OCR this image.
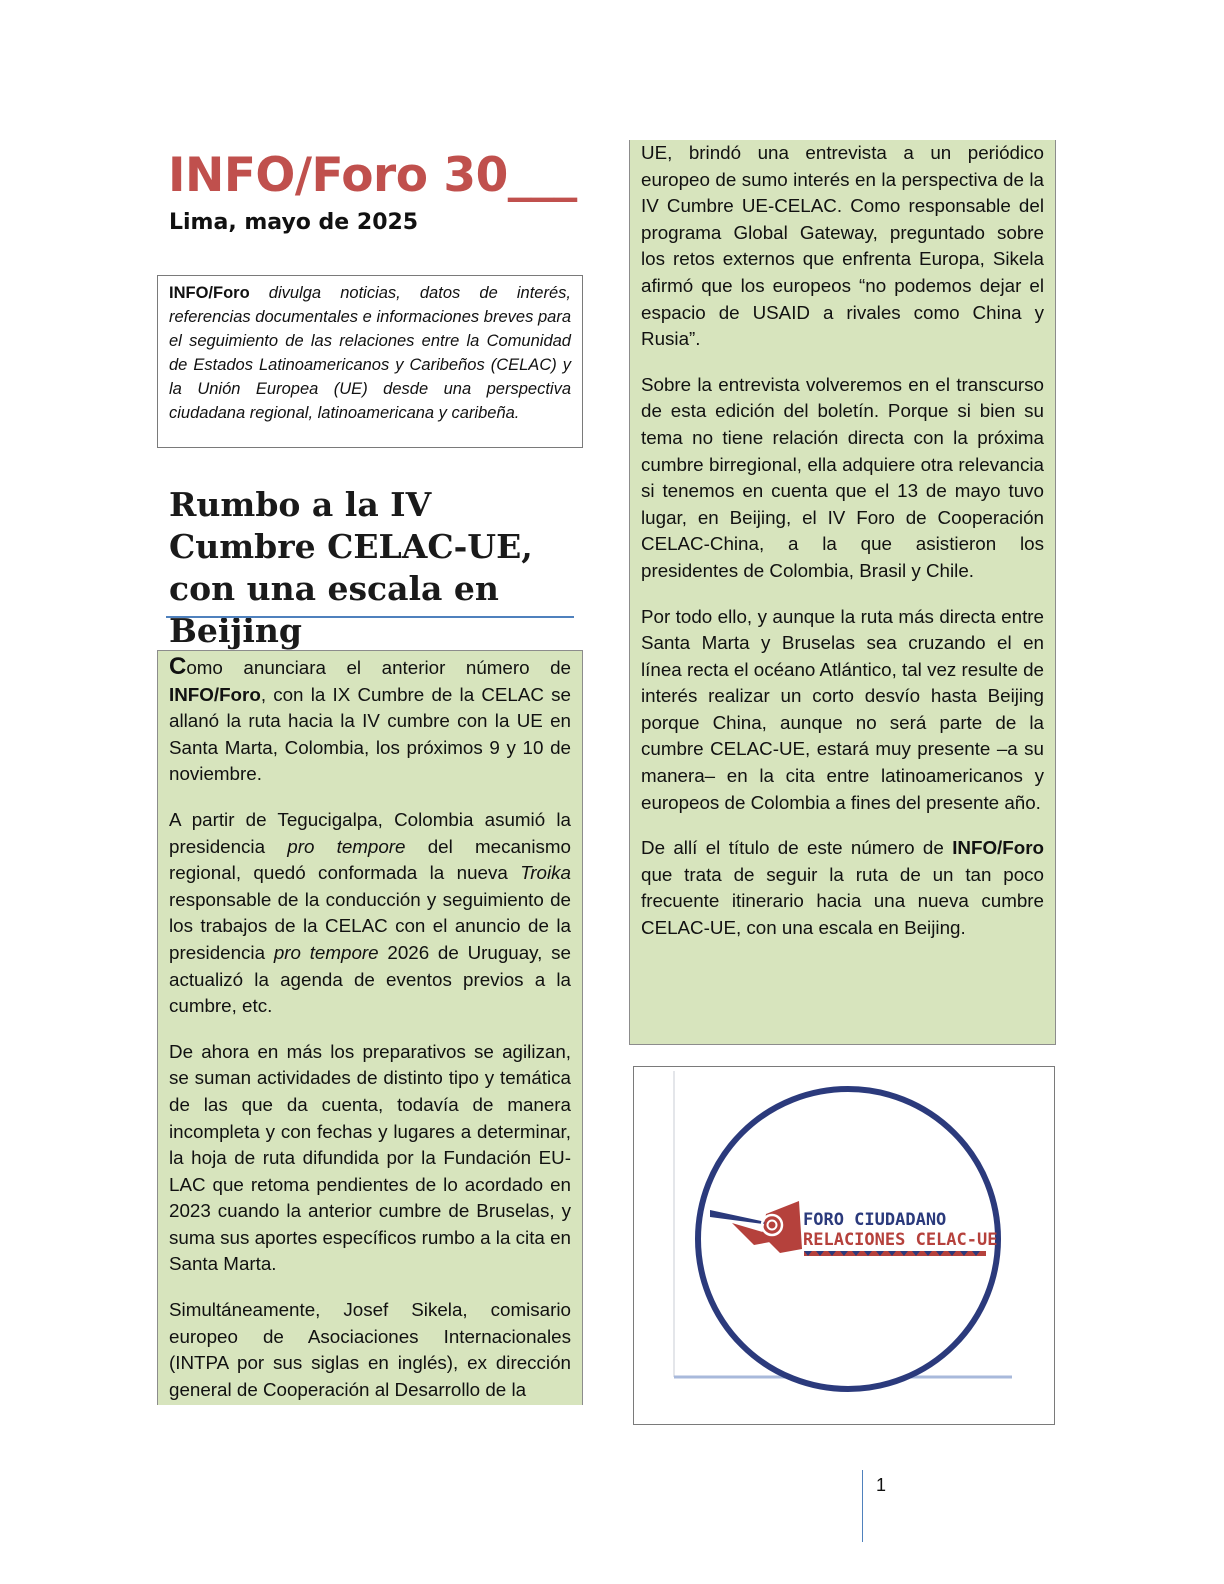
INFO/Foro 30___
Lima, mayo de 2025
INFO/Foro divulga noticias, datos de interés, referencias documentales e informaciones breves para el seguimiento de las relaciones entre la Comunidad de Estados Latinoamericanos y Caribeños (CELAC) y la Unión Europea (UE) desde una perspectiva ciudadana regional, latinoamericana y caribeña.
Rumbo a la IV Cumbre CELAC-UE, con una escala en Beijing

Como anunciara el anterior número de INFO/Foro, con la IX Cumbre de la CELAC se allanó la ruta hacia la IV cumbre con la UE en Santa Marta, Colombia, los próximos 9 y 10 de noviembre.

A partir de Tegucigalpa, Colombia asumió la presidencia pro tempore del mecanismo regional, quedó conformada la nueva Troika responsable de la conducción y seguimiento de los trabajos de la CELAC con el anuncio de la presidencia pro tempore 2026 de Uruguay, se actualizó la agenda de eventos previos a la cumbre, etc.

De ahora en más los preparativos se agilizan, se suman actividades de distinto tipo y temática de las que da cuenta, todavía de manera incompleta y con fechas y lugares a determinar, la hoja de ruta difundida por la Fundación EU-LAC que retoma pendientes de lo acordado en 2023 cuando la anterior cumbre de Bruselas, y suma sus aportes específicos rumbo a la cita en Santa Marta.

Simultáneamente, Josef Sikela, comisario europeo de Asociaciones Internacionales (INTPA por sus siglas en inglés), ex dirección general de Cooperación al Desarrollo de la

UE, brindó una entrevista a un periódico europeo de sumo interés en la perspectiva de la IV Cumbre UE-CELAC. Como responsable del programa Global Gateway, preguntado sobre los retos externos que enfrenta Europa, Sikela afirmó que los europeos “no podemos dejar el espacio de USAID a rivales como China y Rusia”.

Sobre la entrevista volveremos en el transcurso de esta edición del boletín. Porque si bien su tema no tiene relación directa con la próxima cumbre birregional, ella adquiere otra relevancia si tenemos en cuenta que el 13 de mayo tuvo lugar, en Beijing, el IV Foro de Cooperación CELAC-China, a la que asistieron los presidentes de Colombia, Brasil y Chile.

Por todo ello, y aunque la ruta más directa entre Santa Marta y Bruselas sea cruzando el en línea recta el océano Atlántico, tal vez resulte de interés realizar un corto desvío hasta Beijing porque China, aunque no será parte de la cumbre CELAC-UE, estará muy presente –a su manera– en la cita entre latinoamericanos y europeos de Colombia a fines del presente año.

De allí el título de este número de INFO/Foro que trata de seguir la ruta de un tan poco frecuente itinerario hacia una nueva cumbre CELAC-UE, con una escala en Beijing.

FORO CIUDADANO
RELACIONES CELAC-UE
1
